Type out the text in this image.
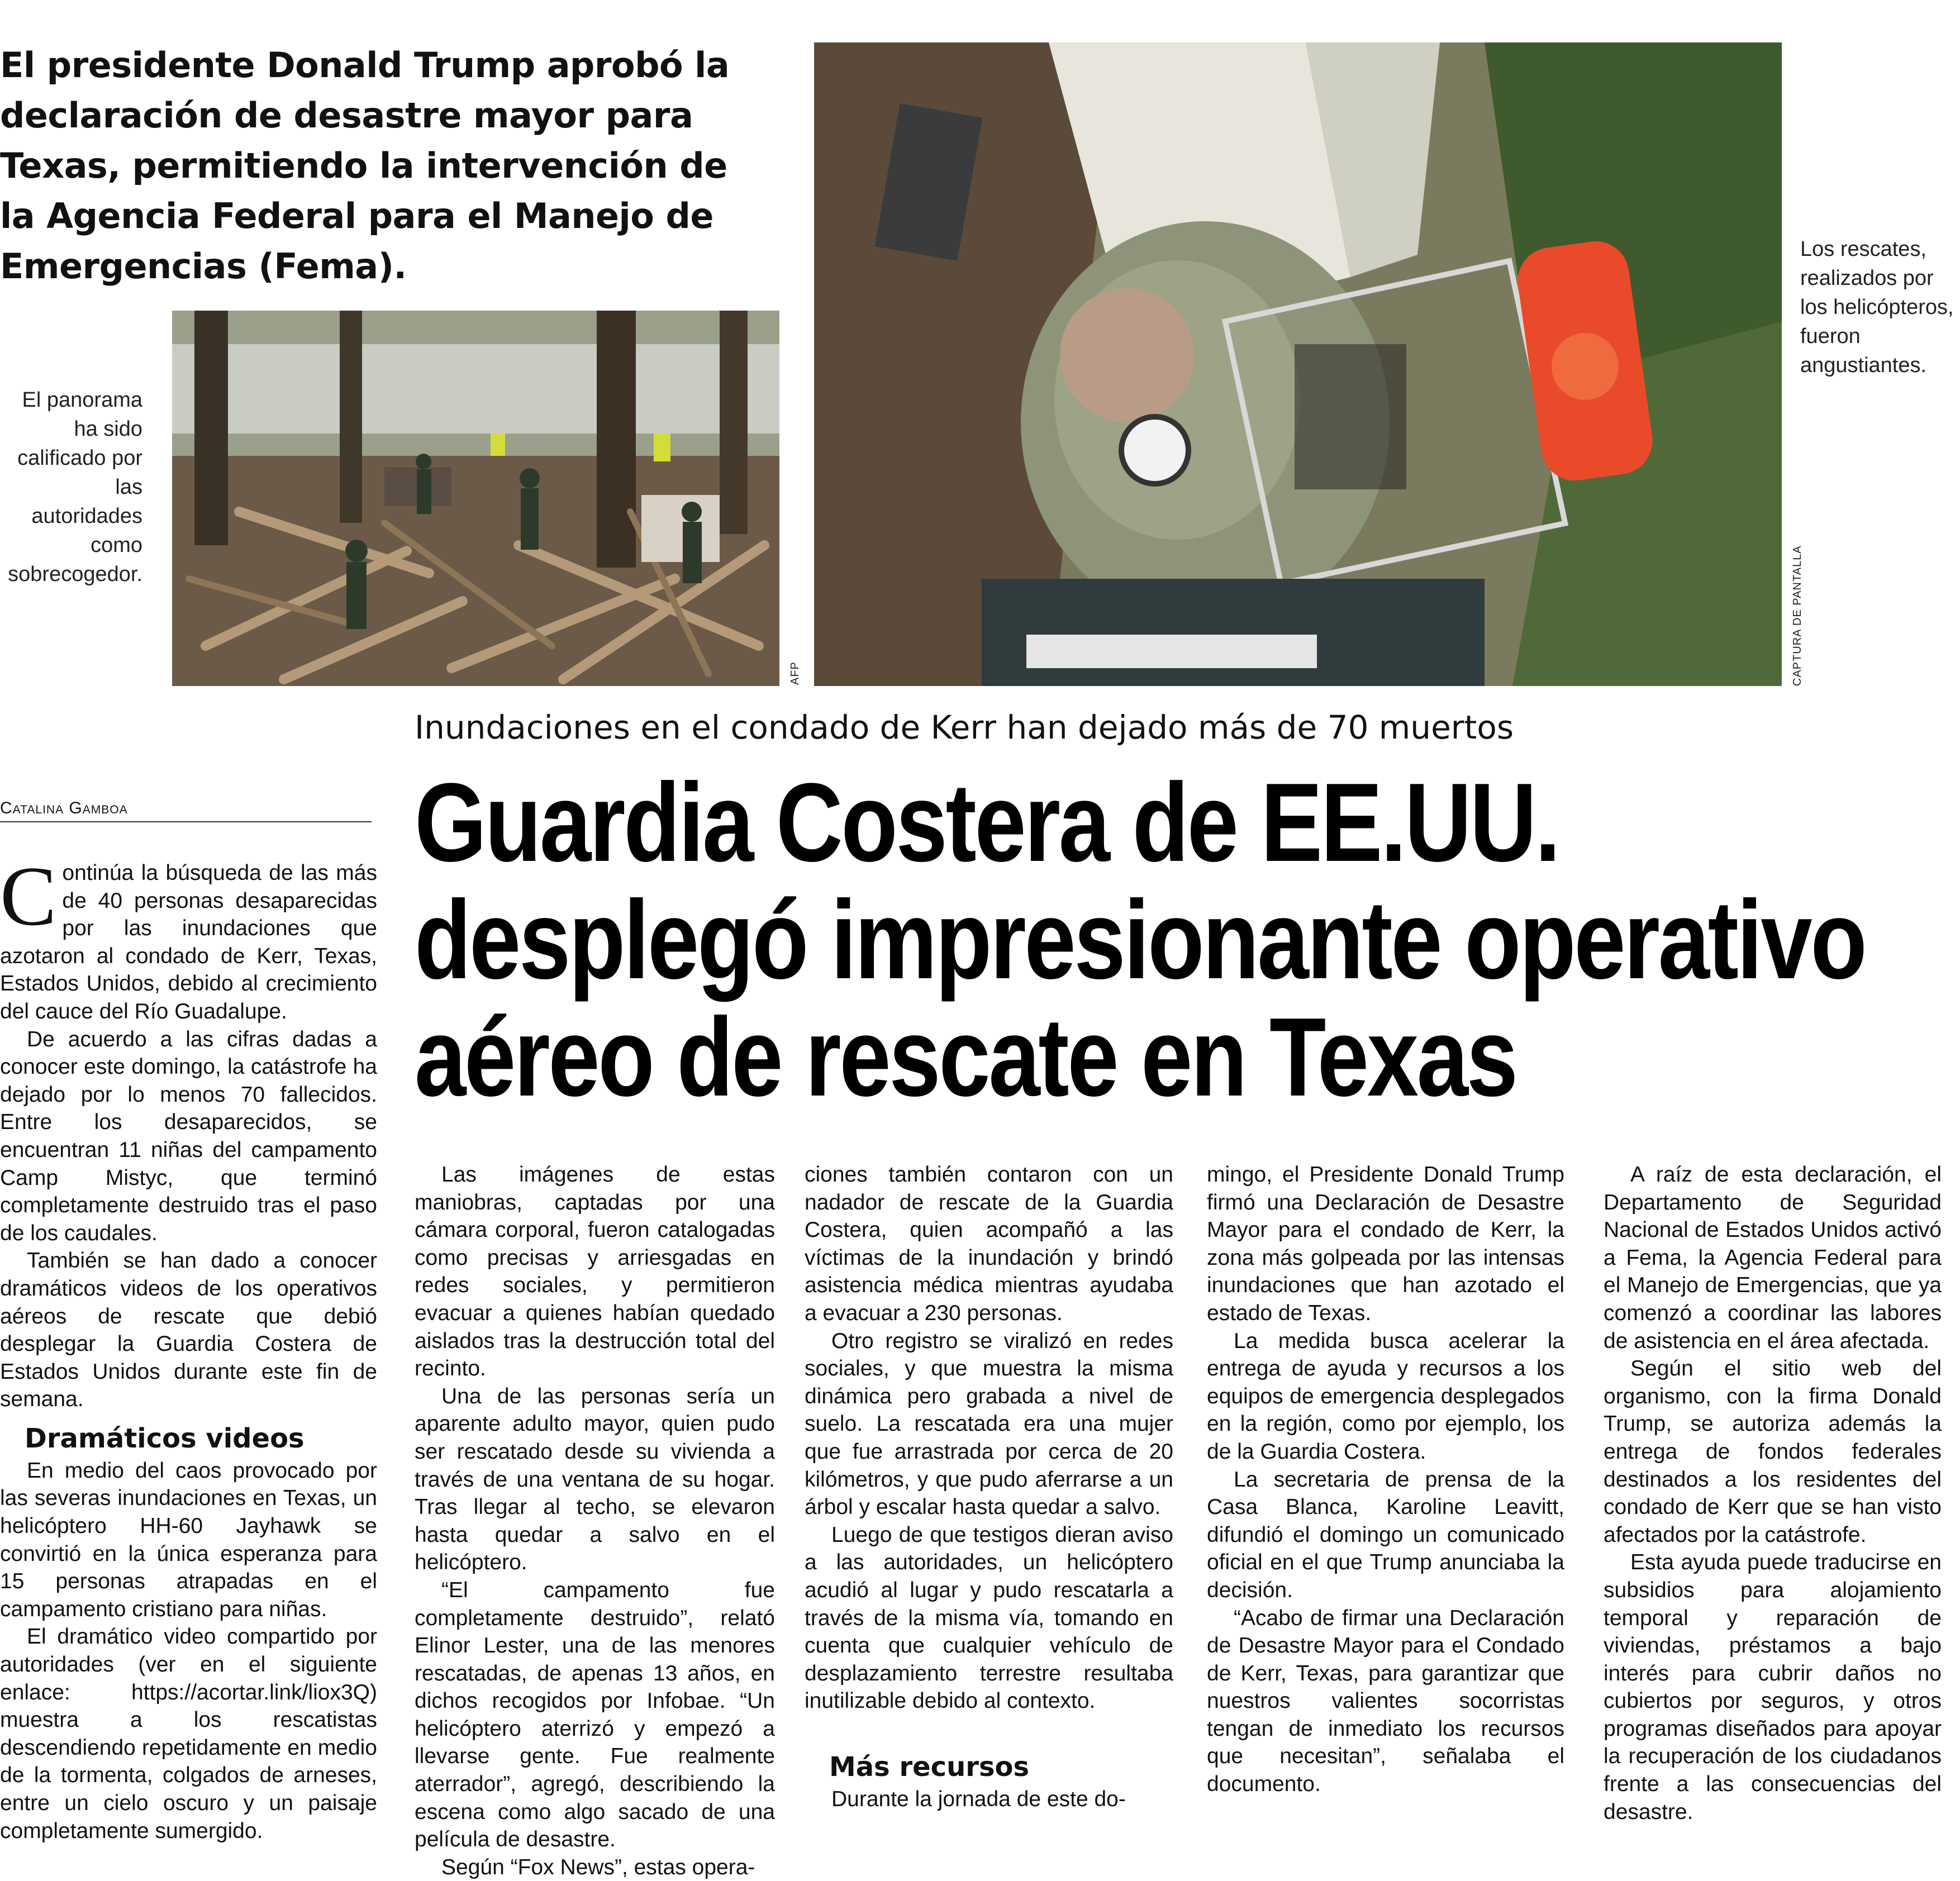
El presidente Donald Trump aprobó la declaración de desastre mayor para Texas, permitiendo la intervención de la Agencia Federal para el Manejo de Emergencias (Fema).
El panorama ha sido calificado por las autoridades como sobrecogedor.
AFP
Los rescates, realizados por los helicópteros, fueron angustiantes.
CAPTURA DE PANTALLA
Inundaciones en el condado de Kerr han dejado más de 70 muertos
Guardia Costera de EE.UU.
desplegó impresionante operativo
aéreo de rescate en Texas
Catalina Gamboa

Continúa la búsqueda de las más de 40 personas desaparecidas por las inundaciones que azotaron al condado de Kerr, Texas, Estados Unidos, debido al crecimiento del cauce del Río Guadalupe.

De acuerdo a las cifras dadas a conocer este domingo, la catástrofe ha dejado por lo menos 70 fallecidos. Entre los desaparecidos, se encuentran 11 niñas del campamento Camp Mistyc, que terminó completamente destruido tras el paso de los caudales.

También se han dado a conocer dramáticos videos de los operativos aéreos de rescate que debió desplegar la Guardia Costera de Estados Unidos durante este fin de semana.

Dramáticos videos

En medio del caos provocado por las severas inundaciones en Texas, un helicóptero HH-60 Jayhawk se convirtió en la única esperanza para 15 personas atrapadas en el campamento cristiano para niñas.

El dramático video compartido por autoridades (ver en el siguiente enlace: https://acortar.link/liox3Q) muestra a los rescatistas descendiendo repetidamente en medio de la tormenta, colgados de arneses, entre un cielo oscuro y un paisaje completamente sumergido.

Las imágenes de estas maniobras, captadas por una cámara corporal, fueron catalogadas como precisas y arriesgadas en redes sociales, y permitieron evacuar a quienes habían quedado aislados tras la destrucción total del recinto.

Una de las personas sería un aparente adulto mayor, quien pudo ser rescatado desde su vivienda a través de una ventana de su hogar. Tras llegar al techo, se elevaron hasta quedar a salvo en el helicóptero.

“El campamento fue completamente destruido”, relató Elinor Lester, una de las menores rescatadas, de apenas 13 años, en dichos recogidos por Infobae. “Un helicóptero aterrizó y empezó a llevarse gente. Fue realmente aterrador”, agregó, describiendo la escena como algo sacado de una película de desastre.

Según “Fox News”, estas opera-

ciones también contaron con un nadador de rescate de la Guardia Costera, quien acompañó a las víctimas de la inundación y brindó asistencia médica mientras ayudaba a evacuar a 230 personas.

Otro registro se viralizó en redes sociales, y que muestra la misma dinámica pero grabada a nivel de suelo. La rescatada era una mujer que fue arrastrada por cerca de 20 kilómetros, y que pudo aferrarse a un árbol y escalar hasta quedar a salvo.

Luego de que testigos dieran aviso a las autoridades, un helicóptero acudió al lugar y pudo rescatarla a través de la misma vía, tomando en cuenta que cualquier vehículo de desplazamiento terrestre resultaba inutilizable debido al contexto.

Más recursos

Durante la jornada de este do-

mingo, el Presidente Donald Trump firmó una Declaración de Desastre Mayor para el condado de Kerr, la zona más golpeada por las intensas inundaciones que han azotado el estado de Texas.

La medida busca acelerar la entrega de ayuda y recursos a los equipos de emergencia desplegados en la región, como por ejemplo, los de la Guardia Costera.

La secretaria de prensa de la Casa Blanca, Karoline Leavitt, difundió el domingo un comunicado oficial en el que Trump anunciaba la decisión.

“Acabo de firmar una Declaración de Desastre Mayor para el Condado de Kerr, Texas, para garantizar que nuestros valientes socorristas tengan de inmediato los recursos que necesitan”, señalaba el documento.

A raíz de esta declaración, el Departamento de Seguridad Nacional de Estados Unidos activó a Fema, la Agencia Federal para el Manejo de Emergencias, que ya comenzó a coordinar las labores de asistencia en el área afectada.

Según el sitio web del organismo, con la firma Donald Trump, se autoriza además la entrega de fondos federales destinados a los residentes del condado de Kerr que se han visto afectados por la catástrofe.

Esta ayuda puede traducirse en subsidios para alojamiento temporal y reparación de viviendas, préstamos a bajo interés para cubrir daños no cubiertos por seguros, y otros programas diseñados para apoyar la recuperación de los ciudadanos frente a las consecuencias del desastre.
